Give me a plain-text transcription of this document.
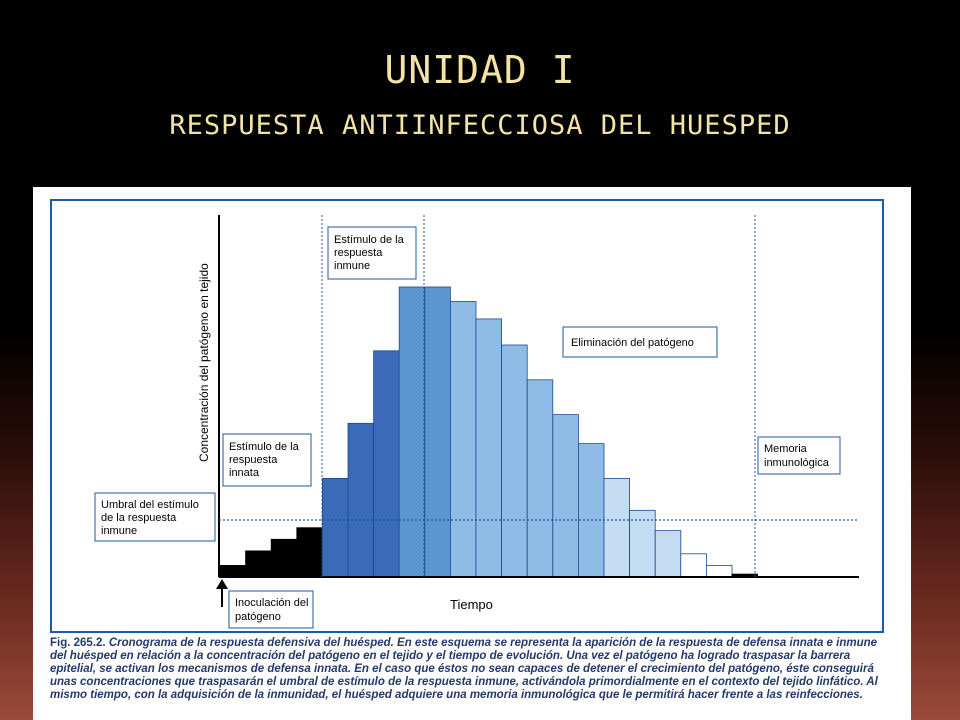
UNIDAD I
RESPUESTA ANTIINFECCIOSA DEL HUESPED
Estímulo de la respuesta inmune
Eliminación del patógeno
Estímulo de la respuesta innata
Memoria inmunológica
Umbral del estímulo de la respuesta inmune
Inoculación del patógeno
Tiempo
Concentración del patógeno en tejido
Fig. 265.2. Cronograma de la respuesta defensiva del huésped. En este esquema se representa la aparición de la respuesta de defensa innata e inmune del huésped en relación a la concentración del patógeno en el tejido y el tiempo de evolución. Una vez el patógeno ha logrado traspasar la barrera epitelial, se activan los mecanismos de defensa innata. En el caso que éstos no sean capaces de detener el crecimiento del patógeno, éste conseguirá unas concentraciones que traspasarán el umbral de estímulo de la respuesta inmune, activándola primordialmente en el contexto del tejido linfático. Al mismo tiempo, con la adquisición de la inmunidad, el huésped adquiere una memoria inmunológica que le permitirá hacer frente a las reinfecciones.
